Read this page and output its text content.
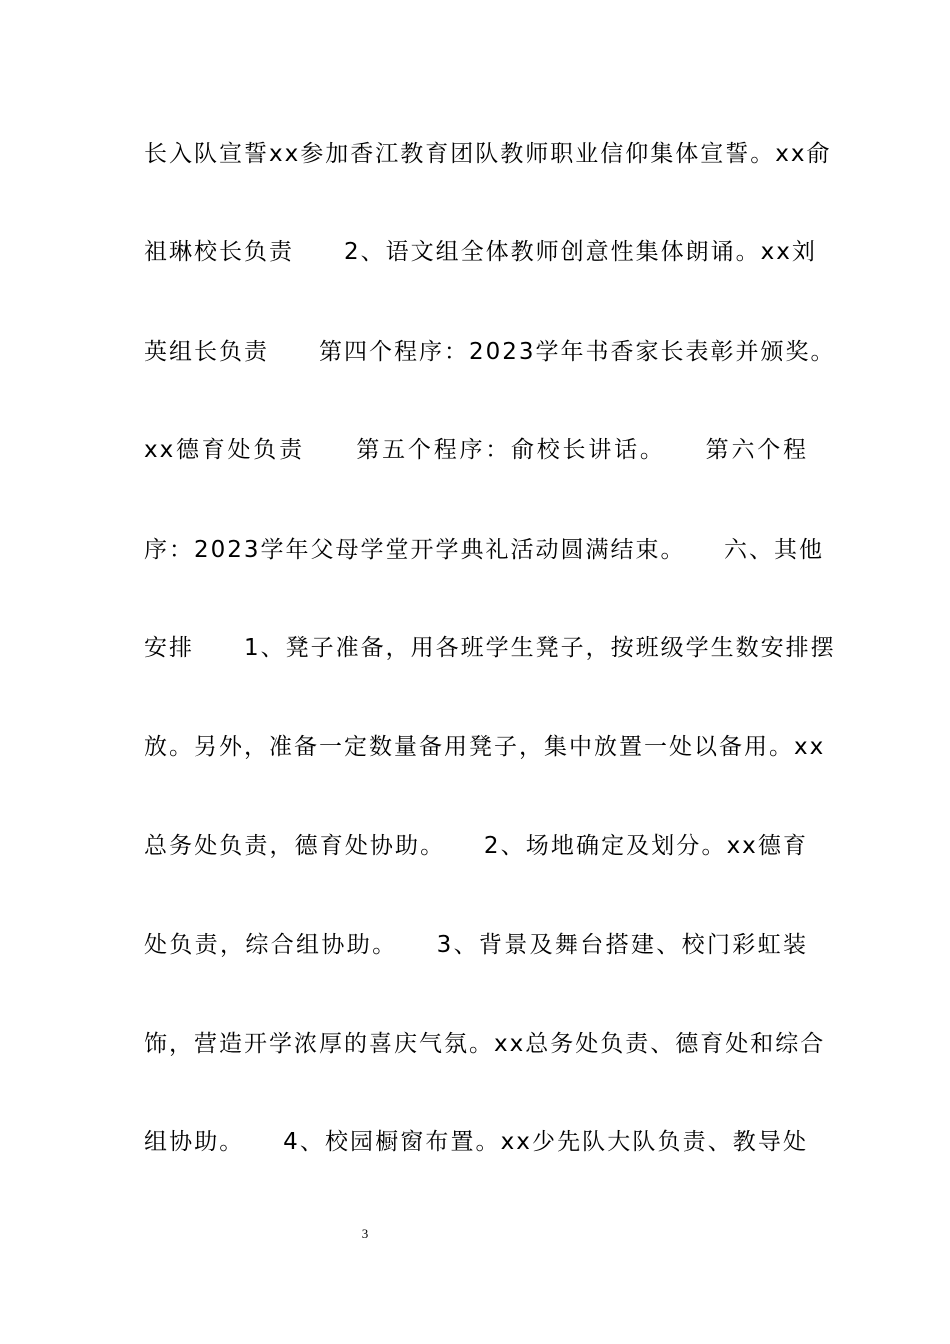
长入队宣誓xx参加香江教育团队教师职业信仰集体宣誓。xx俞
祖琳校长负责　　2、语文组全体教师创意性集体朗诵。xx刘
英组长负责　　第四个程序：2023学年书香家长表彰并颁奖。
xx德育处负责　　第五个程序：俞校长讲话。　　第六个程
序：2023学年父母学堂开学典礼活动圆满结束。　　六、其他
安排　　1、凳子准备，用各班学生凳子，按班级学生数安排摆
放。另外，准备一定数量备用凳子，集中放置一处以备用。xx
总务处负责，德育处协助。　　2、场地确定及划分。xx德育
处负责，综合组协助。　　3、背景及舞台搭建、校门彩虹装
饰，营造开学浓厚的喜庆气氛。xx总务处负责、德育处和综合
组协助。　　4、校园橱窗布置。xx少先队大队负责、教导处
3
